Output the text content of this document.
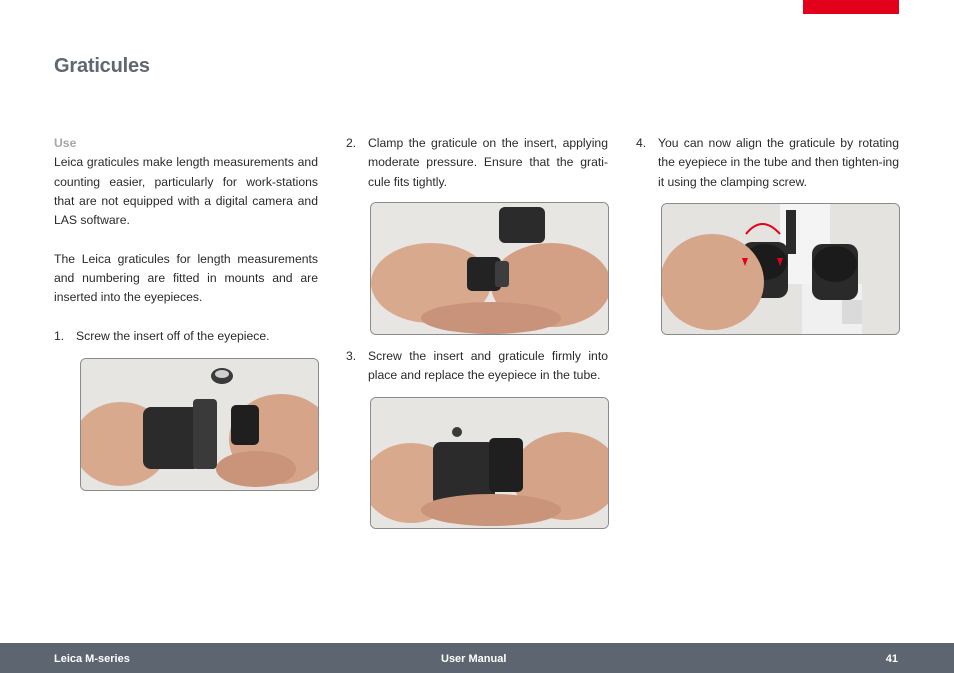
Graticules
Use

Leica graticules make length measurements and counting easier, particularly for work-stations that are not equipped with a digital camera and LAS software.

The Leica graticules for length measurements and numbering are fitted in mounts and are inserted into the eyepieces.

1. Screw the insert off of the eyepiece.

2. Clamp the graticule on the insert, applying moderate pressure. Ensure that the grati-cule fits tightly.

3. Screw the insert and graticule firmly into place and replace the eyepiece in the tube.

4. You can now align the graticule by rotating the eyepiece in the tube and then tighten-ing it using the clamping screw.

Leica M-series	User Manual	41
